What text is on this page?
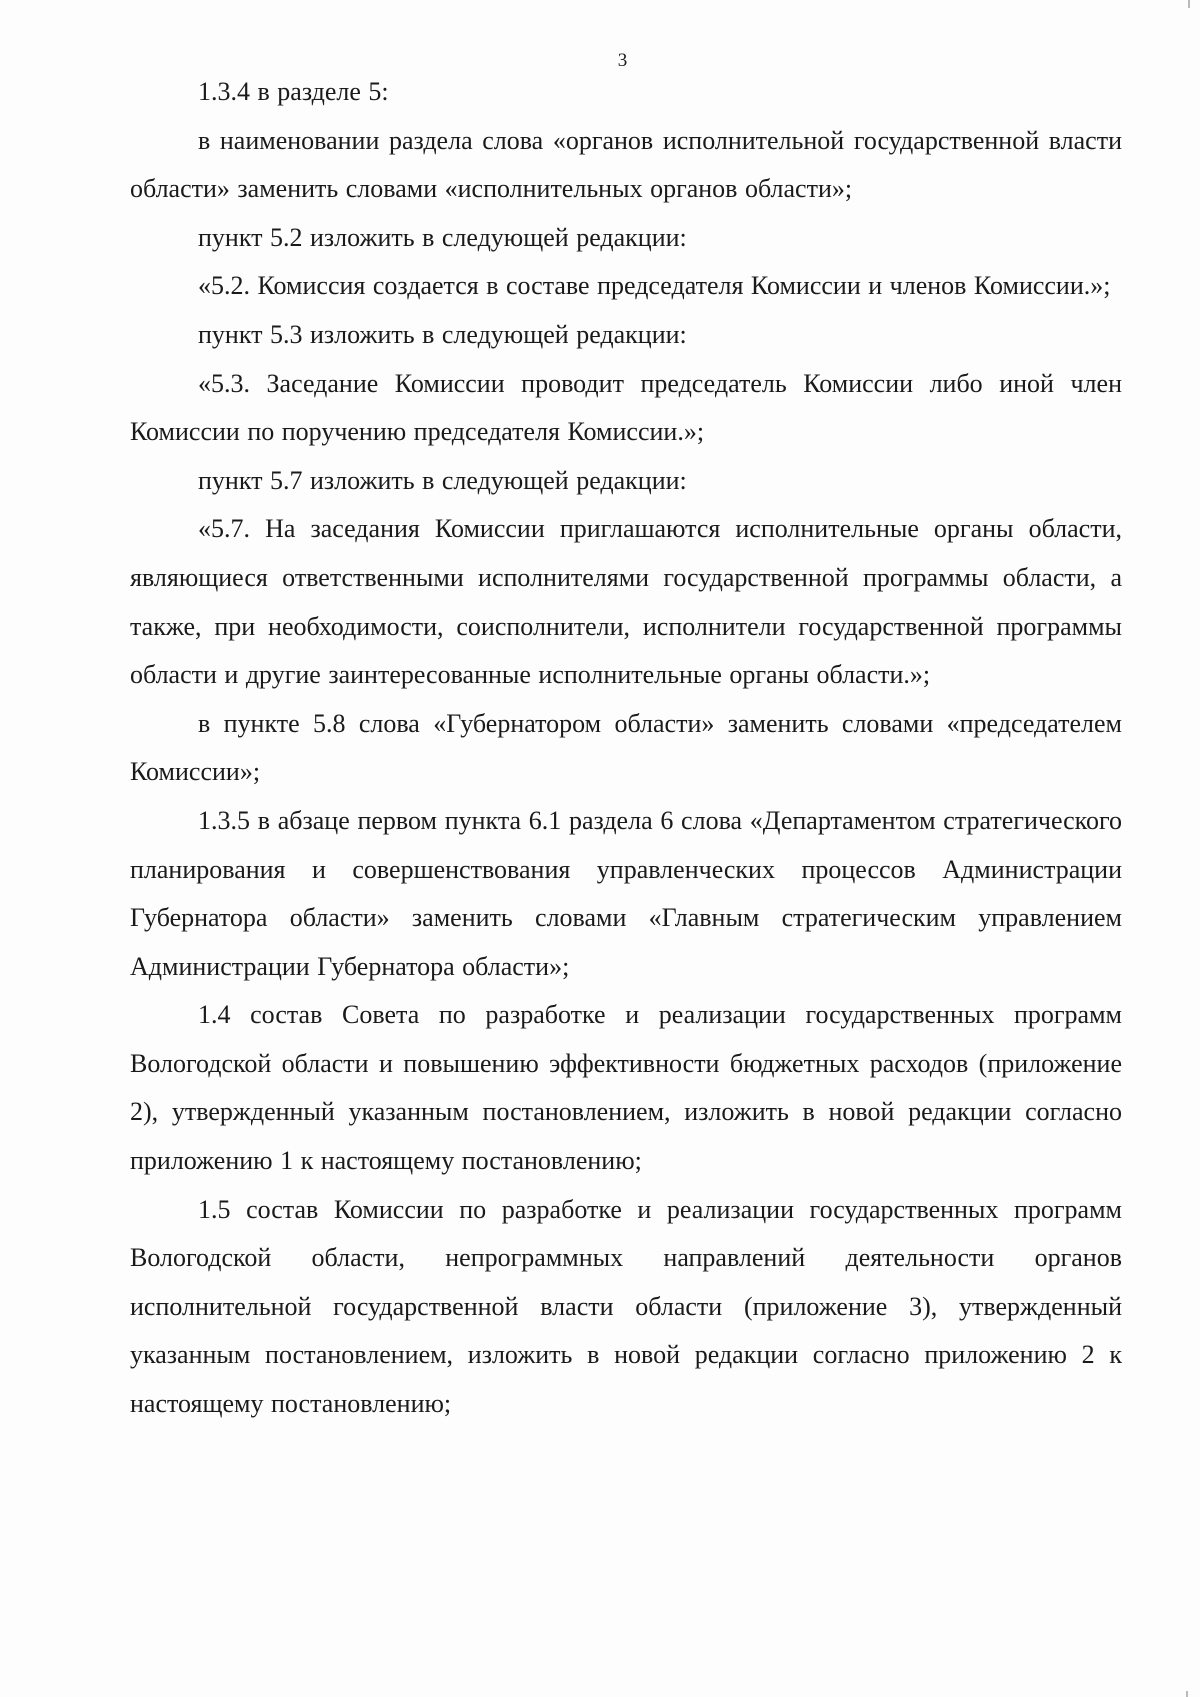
3

1.3.4 в разделе 5:

в наименовании раздела слова «органов исполнительной государственной власти области» заменить словами «исполнительных органов области»;

пункт 5.2 изложить в следующей редакции:

«5.2. Комиссия создается в составе председателя Комиссии и членов Комиссии.»;

пункт 5.3 изложить в следующей редакции:

«5.3. Заседание Комиссии проводит председатель Комиссии либо иной член Комиссии по поручению председателя Комиссии.»;

пункт 5.7 изложить в следующей редакции:

«5.7. На заседания Комиссии приглашаются исполнительные органы области, являющиеся ответственными исполнителями государственной программы области, а также, при необходимости, соисполнители, исполнители государственной программы области и другие заинтересованные исполнительные органы области.»;

в пункте 5.8 слова «Губернатором области» заменить словами «председателем Комиссии»;

1.3.5 в абзаце первом пункта 6.1 раздела 6 слова «Департаментом стратегического планирования и совершенствования управленческих процессов Администрации Губернатора области» заменить словами «Главным стратегическим управлением Администрации Губернатора области»;

1.4 состав Совета по разработке и реализации государственных программ Вологодской области и повышению эффективности бюджетных расходов (приложение 2), утвержденный указанным постановлением, изложить в новой редакции согласно приложению 1 к настоящему постановлению;

1.5 состав Комиссии по разработке и реализации государственных программ Вологодской области, непрограммных направлений деятельности органов исполнительной государственной власти области (приложение 3), утвержденный указанным постановлением, изложить в новой редакции согласно приложению 2 к настоящему постановлению;
